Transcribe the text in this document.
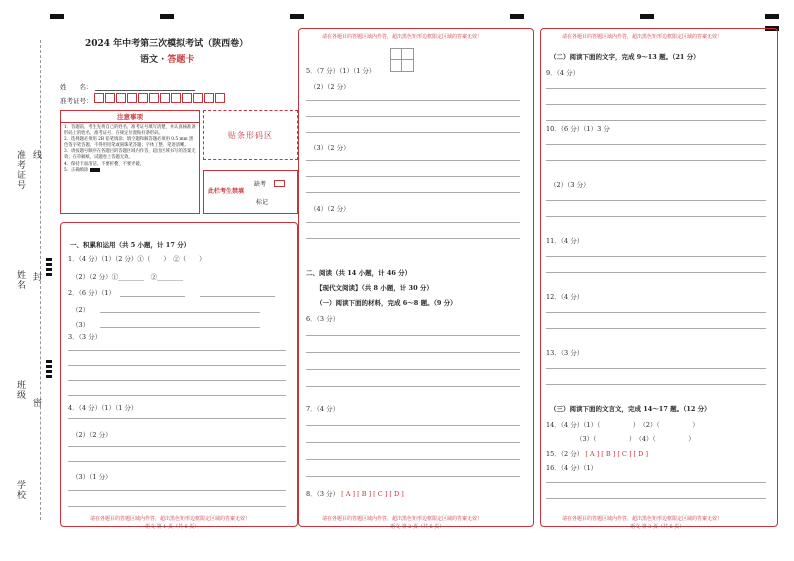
准考证号 线
姓名 封
班级
密
学校
2024 年中考第三次模拟考试（陕西卷）
语文 · 答题卡
姓　　名：
准考证号：
注意事项
1．答题前，考生先将自己的姓名，准考证号填写清楚，并认真核准条形码上的姓名、准考证号，在规定位置贴好条形码。
2．选择题必须用 2B 铅笔填涂；填空题和解答题必须用 0.5 mm 黑色签字笔答题，不得用铅笔或圆珠笔答题；字体工整、笔迹清晰。
3．请按题号顺序在各题目的答题区域内作答，超出区域书写的答案无效；在草稿纸、试题卷上答题无效。
4．保持卡面清洁，不要折叠、不要弄破。
5．正确填涂
贴条形码区
此栏考生禁填
缺考
标记
一、积累和运用（共 5 小题，计 17 分）
1．（4 分）（1）（2 分）①（　　）　②（　　）
（2）（2 分）①________　②________
2．（6 分）（1）
（2）
（3）
3．（3 分）
4．（4 分）（1）（1 分）
（2）（2 分）
（3）（1 分）
请在各题目的答题区域内作答，超出黑色矩形边框限定区域的答案无效！
语文 第 1 页（共 6 页）
请在各题目的答题区域内作答，超出黑色矩形边框限定区域的答案无效！
5．（7 分）（1）（1 分）
（2）（2 分）
（3）（2 分）
（4）（2 分）
二、阅读（共 14 小题，计 46 分）
【现代文阅读】（共 8 小题，计 30 分）
（一）阅读下面的材料，完成 6～8 题。（9 分）
6．（3 分）
7．（4 分）
8．（3 分） [ A ] [ B ] [ C ] [ D ]
请在各题目的答题区域内作答，超出黑色矩形边框限定区域的答案无效！
语文 第 2 页（共 6 页）
请在各题目的答题区域内作答，超出黑色矩形边框限定区域的答案无效！
（二）阅读下面的文字，完成 9～13 题。（21 分）
9．（4 分）
10．（6 分）（1）3 分
（2）（3 分）
11．（4 分）
12．（4 分）
13．（3 分）
（三）阅读下面的文言文，完成 14～17 题。（12 分）
14．（4 分）（1）（　　　　　）　（2）（　　　　　）
（3）（　　　　　）　（4）（　　　　　）
15．（2 分） [ A ] [ B ] [ C ] [ D ]
16．（4 分）（1）
请在各题目的答题区域内作答，超出黑色矩形边框限定区域的答案无效！
语文 第 3 页（共 6 页）
